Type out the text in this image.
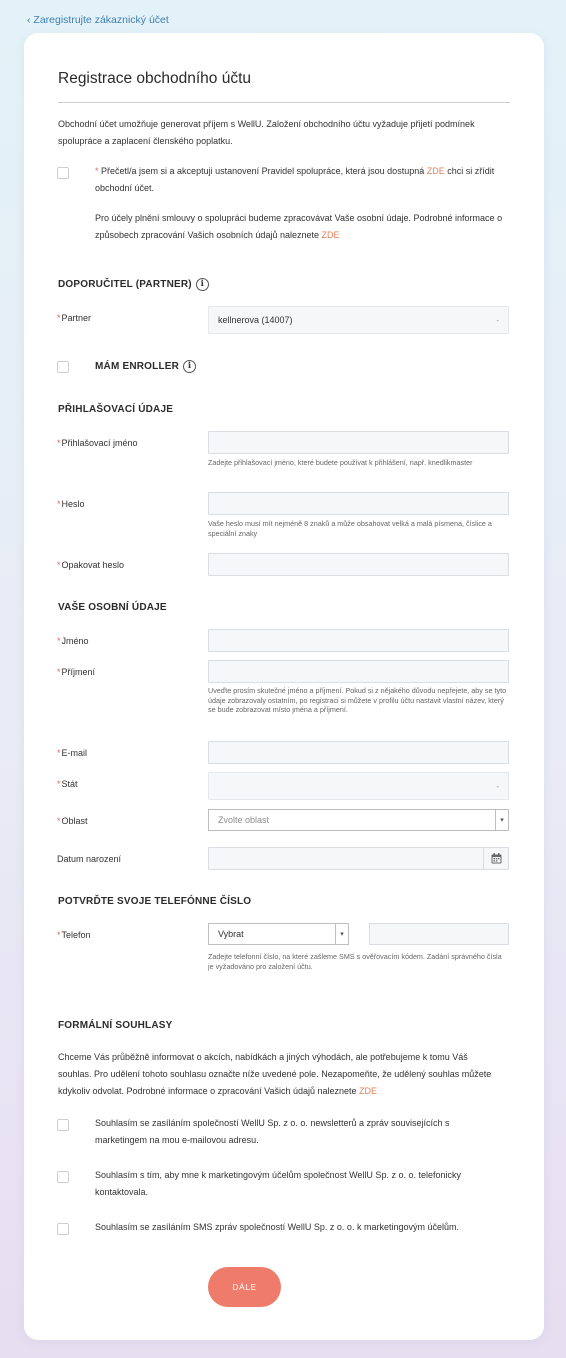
‹ Zaregistrujte zákaznický účet
Registrace obchodního účtu
Obchodní účet umožňuje generovat příjem s WellU. Založení obchodního účtu vyžaduje přijetí podmínek spolupráce a zaplacení členského poplatku.
* Přečetl/a jsem si a akceptuji ustanovení Pravidel spolupráce, která jsou dostupná ZDE chci si zřídit obchodní účet.
Pro účely plnění smlouvy o spolupráci budeme zpracovávat Vaše osobní údaje. Podrobné informace o způsobech zpracování Vašich osobních údajů naleznete ZDE
DOPORUČITEL (PARTNER) i
*Partner	kellnerova (14007)	-
MÁM ENROLLER i
PŘIHLAŠOVACÍ ÚDAJE
*Přihlašovací jméno
Zadejte přihlašovací jméno, které budete používat k přihlášení, např. knedlikmaster
*Heslo
Vaše heslo musí mít nejméně 8 znaků a může obsahovat velká a malá písmena, číslice a speciální znaky
*Opakovat heslo
VAŠE OSOBNÍ ÚDAJE
*Jméno
*Příjmení
Uveďte prosím skutečné jméno a příjmení. Pokud si z nějakého důvodu nepřejete, aby se tyto údaje zobrazovaly ostatním, po registraci si můžete v profilu účtu nastavit vlastní název, který se bude zobrazovat místo jména a příjmení.
*E-mail
*Stát	-
*Oblast	Zvolte oblast	▾
Datum narození
POTVRĎTE SVOJE TELEFÓNNE ČÍSLO
*Telefon	Vybrat	▾
Zadejte telefonní číslo, na které zašleme SMS s ověřovacím kódem. Zadání správného čísla je vyžadováno pro založení účtu.
FORMÁLNÍ SOUHLASY
Chceme Vás průběžně informovat o akcích, nabídkách a jiných výhodách, ale potřebujeme k tomu Váš souhlas. Pro udělení tohoto souhlasu označte níže uvedené pole. Nezapomeňte, že udělený souhlas můžete kdykoliv odvolat. Podrobné informace o zpracování Vašich údajů naleznete ZDE
Souhlasím se zasíláním společností WellU Sp. z o. o. newsletterů a zpráv souvisejících s marketingem na mou e-mailovou adresu.
Souhlasím s tím, aby mne k marketingovým účelům společnost WellU Sp. z o. o. telefonicky kontaktovala.
Souhlasím se zasíláním SMS zpráv společností WellU Sp. z o. o. k marketingovým účelům.
DÁLE
